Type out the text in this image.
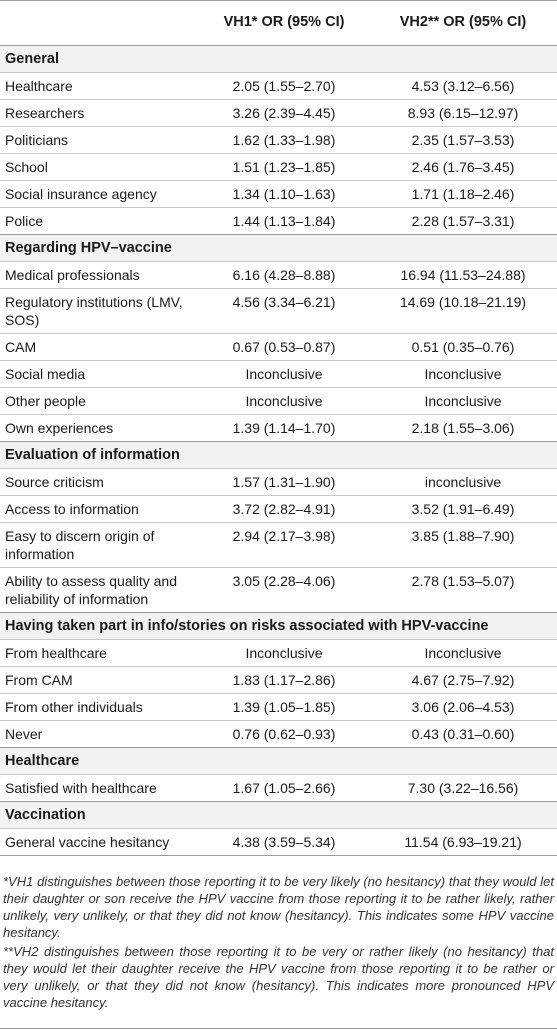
VH1* OR (95% CI)	VH2** OR (95% CI)
General
Healthcare	2.05 (1.55–2.70)	4.53 (3.12–6.56)
Researchers	3.26 (2.39–4.45)	8.93 (6.15–12.97)
Politicians	1.62 (1.33–1.98)	2.35 (1.57–3.53)
School	1.51 (1.23–1.85)	2.46 (1.76–3.45)
Social insurance agency	1.34 (1.10–1.63)	1.71 (1.18–2.46)
Police	1.44 (1.13–1.84)	2.28 (1.57–3.31)
Regarding HPV–vaccine
Medical professionals	6.16 (4.28–8.88)	16.94 (11.53–24.88)
Regulatory institutions (LMV, SOS)
4.56 (3.34–6.21)	14.69 (10.18–21.19)
CAM	0.67 (0.53–0.87)	0.51 (0.35–0.76)
Social media	Inconclusive	Inconclusive
Other people	Inconclusive	Inconclusive
Own experiences	1.39 (1.14–1.70)	2.18 (1.55–3.06)
Evaluation of information
Source criticism	1.57 (1.31–1.90)	inconclusive
Access to information	3.72 (2.82–4.91)	3.52 (1.91–6.49)
Easy to discern origin of information
2.94 (2.17–3.98)	3.85 (1.88–7.90)
Ability to assess quality and reliability of information
3.05 (2.28–4.06)	2.78 (1.53–5.07)
Having taken part in info/stories on risks associated with HPV-vaccine
From healthcare	Inconclusive	Inconclusive
From CAM	1.83 (1.17–2.86)	4.67 (2.75–7.92)
From other individuals	1.39 (1.05–1.85)	3.06 (2.06–4.53)
Never	0.76 (0.62–0.93)	0.43 (0.31–0.60)
Healthcare
Satisfied with healthcare	1.67 (1.05–2.66)	7.30 (3.22–16.56)
Vaccination
General vaccine hesitancy	4.38 (3.59–5.34)	11.54 (6.93–19.21)

*VH1 distinguishes between those reporting it to be very likely (no hesitancy) that they would let their daughter or son receive the HPV vaccine from those reporting it to be rather likely, rather unlikely, very unlikely, or that they did not know (hesitancy). This indicates some HPV vaccine hesitancy.

**VH2 distinguishes between those reporting it to be very or rather likely (no hesitancy) that they would let their daughter receive the HPV vaccine from those reporting it to be rather or very unlikely, or that they did not know (hesitancy). This indicates more pronounced HPV vaccine hesitancy.
